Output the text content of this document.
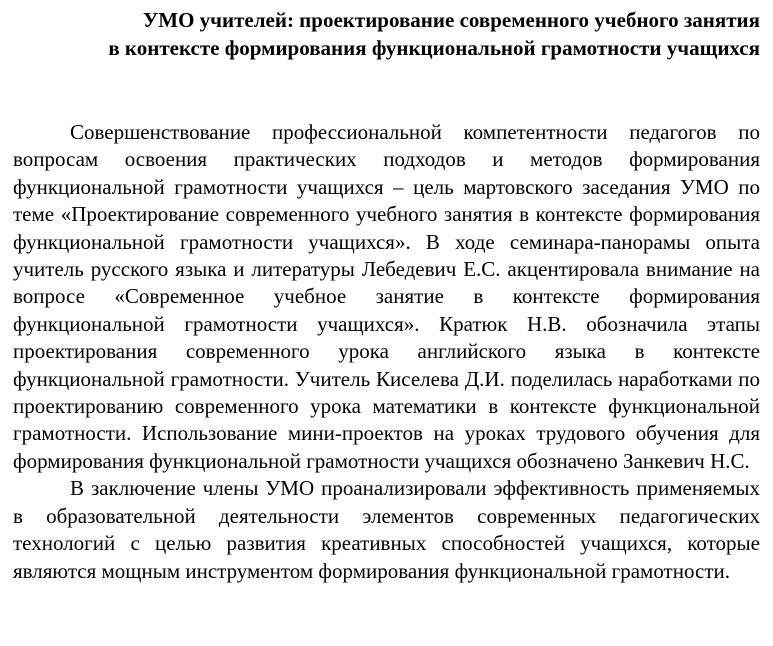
УМО учителей: проектирование современного учебного занятия
в контексте формирования функциональной грамотности учащихся

Совершенствование профессиональной компетентности педагогов по вопросам освоения практических подходов и методов формирования функциональной грамотности учащихся – цель мартовского заседания УМО по теме «Проектирование современного учебного занятия в контексте формирования функциональной грамотности учащихся». В ходе семинара-панорамы опыта учитель русского языка и литературы Лебедевич Е.С. акцентировала внимание на вопросе «Современное учебное занятие в контексте формирования функциональной грамотности учащихся». Кратюк Н.В. обозначила этапы проектирования современного урока английского языка в контексте функциональной грамотности. Учитель Киселева Д.И. поделилась наработками по проектированию современного урока математики в контексте функциональной грамотности. Использование мини-проектов на уроках трудового обучения для формирования функциональной грамотности учащихся обозначено Занкевич Н.С.

В заключение члены УМО проанализировали эффективность применяемых в образовательной деятельности элементов современных педагогических технологий с целью развития креативных способностей учащихся, которые являются мощным инструментом формирования функциональной грамотности.
